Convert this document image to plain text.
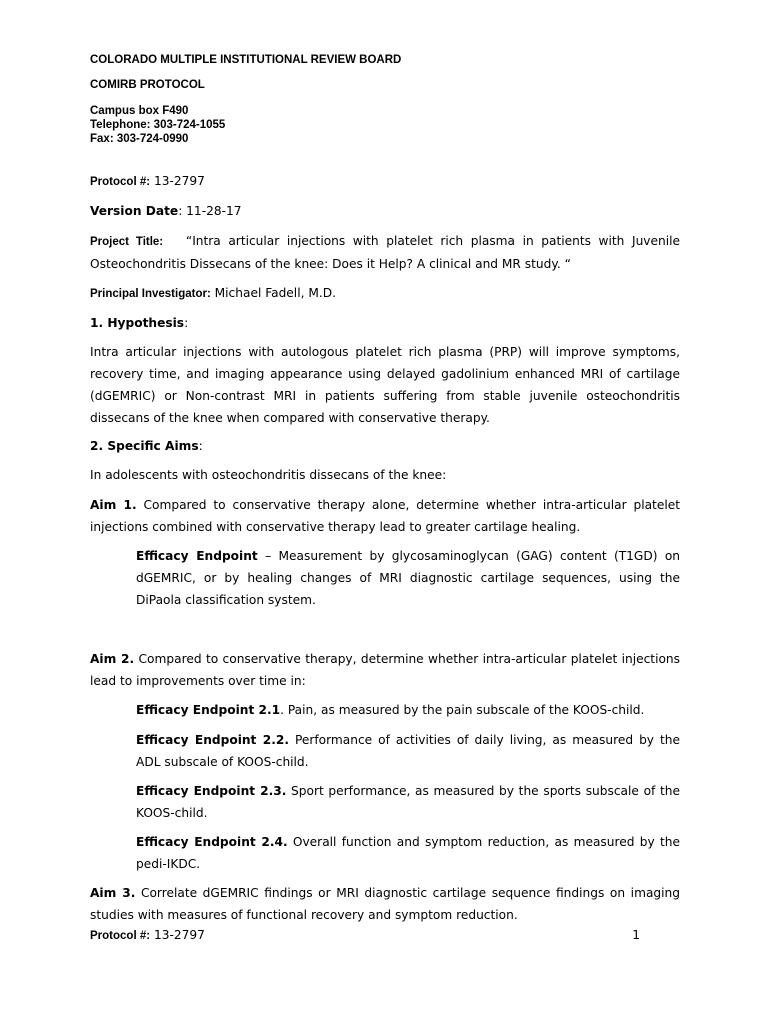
COLORADO MULTIPLE INSTITUTIONAL REVIEW BOARD
COMIRB PROTOCOL
Campus box F490
Telephone: 303-724-1055
Fax: 303-724-0990
Protocol #: 13-2797
Version Date: 11-28-17
Project Title: “Intra articular injections with platelet rich plasma in patients with Juvenile Osteochondritis Dissecans of the knee: Does it Help? A clinical and MR study. “
Principal Investigator: Michael Fadell, M.D.
1. Hypothesis:
Intra articular injections with autologous platelet rich plasma (PRP) will improve symptoms, recovery time, and imaging appearance using delayed gadolinium enhanced MRI of cartilage (dGEMRIC) or Non-contrast MRI in patients suffering from stable juvenile osteochondritis dissecans of the knee when compared with conservative therapy.
2. Specific Aims:
In adolescents with osteochondritis dissecans of the knee:
Aim 1. Compared to conservative therapy alone, determine whether intra-articular platelet injections combined with conservative therapy lead to greater cartilage healing.
Efficacy Endpoint – Measurement by glycosaminoglycan (GAG) content (T1GD) on dGEMRIC, or by healing changes of MRI diagnostic cartilage sequences, using the DiPaola classification system.
Aim 2. Compared to conservative therapy, determine whether intra-articular platelet injections lead to improvements over time in:
Efficacy Endpoint 2.1. Pain, as measured by the pain subscale of the KOOS-child.
Efficacy Endpoint 2.2. Performance of activities of daily living, as measured by the ADL subscale of KOOS-child.
Efficacy Endpoint 2.3. Sport performance, as measured by the sports subscale of the KOOS-child.
Efficacy Endpoint 2.4. Overall function and symptom reduction, as measured by the pedi-IKDC.
Aim 3. Correlate dGEMRIC findings or MRI diagnostic cartilage sequence findings on imaging studies with measures of functional recovery and symptom reduction.
Protocol #: 13-2797	1
